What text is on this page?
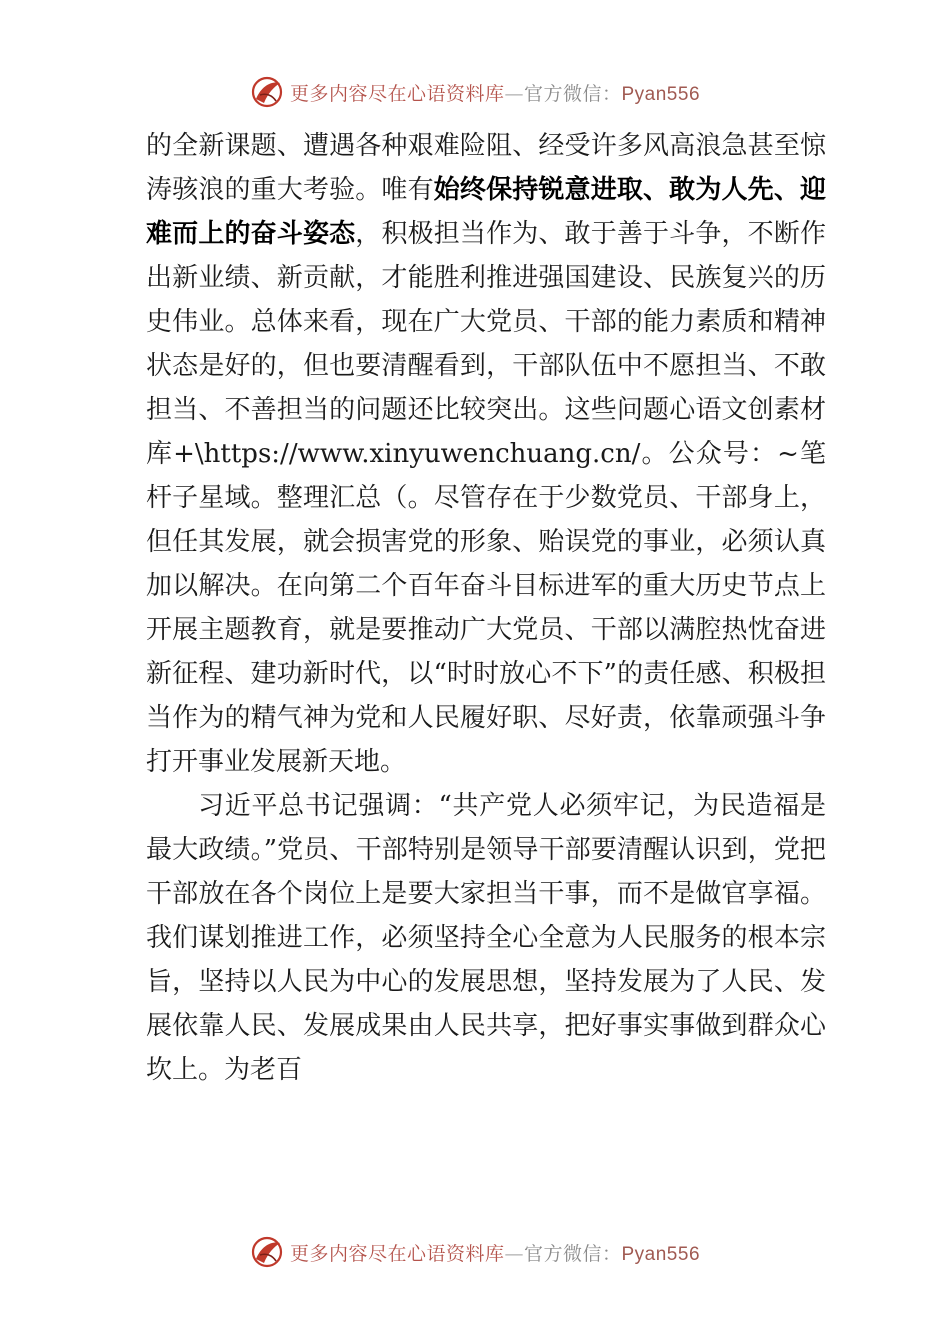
更多内容尽在心语资料库—官方微信：Pyan556

的全新课题、遭遇各种艰难险阻、经受许多风高浪急甚至惊涛骇浪的重大考验。唯有始终保持锐意进取、敢为人先、迎难而上的奋斗姿态，积极担当作为、敢于善于斗争，不断作出新业绩、新贡献，才能胜利推进强国建设、民族复兴的历史伟业。总体来看，现在广大党员、干部的能力素质和精神状态是好的，但也要清醒看到，干部队伍中不愿担当、不敢担当、不善担当的问题还比较突出。这些问题心语文创素材库+\https://www.xinyuwenchuang.cn/。公众号：~笔杆子星域。整理汇总（。尽管存在于少数党员、干部身上，但任其发展，就会损害党的形象、贻误党的事业，必须认真加以解决。在向第二个百年奋斗目标进军的重大历史节点上开展主题教育，就是要推动广大党员、干部以满腔热忱奋进新征程、建功新时代，以“时时放心不下”的责任感、积极担当作为的精气神为党和人民履好职、尽好责，依靠顽强斗争打开事业发展新天地。

习近平总书记强调：“共产党人必须牢记，为民造福是最大政绩。”党员、干部特别是领导干部要清醒认识到，党把干部放在各个岗位上是要大家担当干事，而不是做官享福。我们谋划推进工作，必须坚持全心全意为人民服务的根本宗旨，坚持以人民为中心的发展思想，坚持发展为了人民、发展依靠人民、发展成果由人民共享，把好事实事做到群众心坎上。为老百

更多内容尽在心语资料库—官方微信：Pyan556
